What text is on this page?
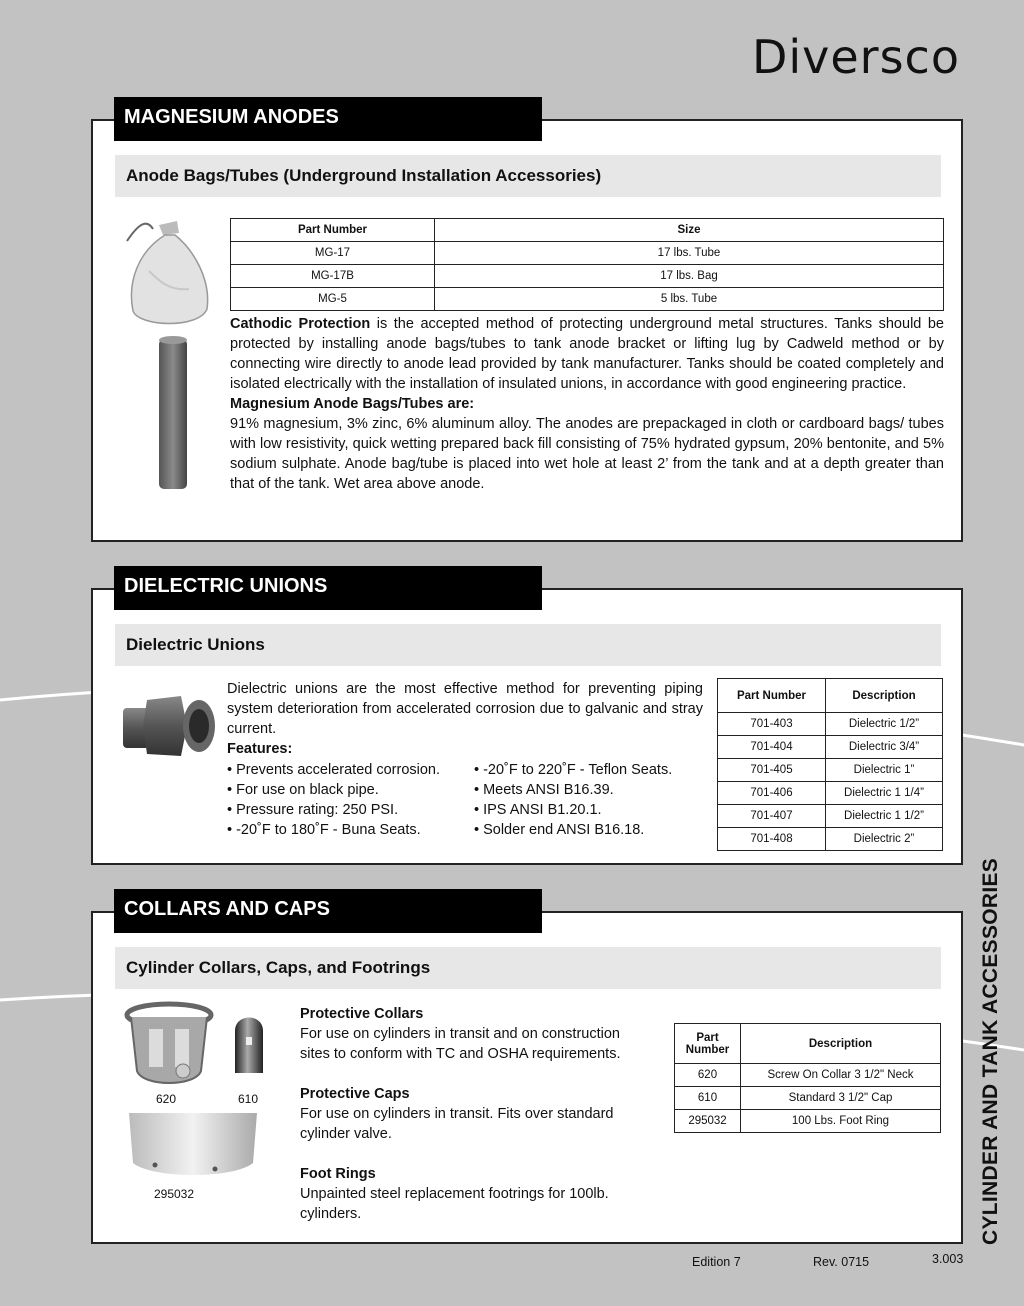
Diversco
MAGNESIUM ANODES
Anode Bags/Tubes (Underground Installation Accessories)
Part Number	Size
MG-17	17 lbs. Tube
MG-17B	17 lbs. Bag
MG-5	5 lbs. Tube

Cathodic Protection is the accepted method of protecting underground metal structures. Tanks should be protected by installing anode bags/tubes to tank anode bracket or lifting lug by Cadweld method or by connecting wire directly to anode lead provided by tank manufacturer. Tanks should be coated completely and isolated electrically with the installation of insulated unions, in accordance with good engineering practice.

Magnesium Anode Bags/Tubes are:

91% magnesium, 3% zinc, 6% aluminum alloy. The anodes are prepackaged in cloth or cardboard bags/ tubes with low resistivity, quick wetting prepared back fill consisting of 75% hydrated gypsum, 20% bentonite, and 5% sodium sulphate. Anode bag/tube is placed into wet hole at least 2’ from the tank and at a depth greater than that of the tank. Wet area above anode.

DIELECTRIC UNIONS
Dielectric Unions
Dielectric unions are the most effective method for preventing piping system deterioration from accelerated corrosion due to galvanic and stray current.
Features:
• Prevents accelerated corrosion.
• For use on black pipe.
• Pressure rating: 250 PSI.
• -20˚F to 180˚F - Buna Seats.
• -20˚F to 220˚F - Teflon Seats.
• Meets ANSI B16.39.
• IPS ANSI B1.20.1.
• Solder end ANSI B16.18.
Part Number	Description
701-403	Dielectric 1/2”
701-404	Dielectric 3/4”
701-405	Dielectric 1”
701-406	Dielectric 1 1/4”
701-407	Dielectric 1 1/2”
701-408	Dielectric 2”
COLLARS AND CAPS
Cylinder Collars, Caps, and Footrings
620	610
295032

Protective Collars

For use on cylinders in transit and on construction sites to conform with TC and OSHA requirements.

Protective Caps

For use on cylinders in transit. Fits over standard cylinder valve.

Foot Rings

Unpainted steel replacement footrings for 100lb. cylinders.

Part Number	Description
620	Screw On Collar 3 1/2" Neck
610	Standard 3 1/2" Cap
295032	100 Lbs. Foot Ring	CYLINDER AND TANK ACCESSORIES
Edition 7	Rev. 0715	3.003
